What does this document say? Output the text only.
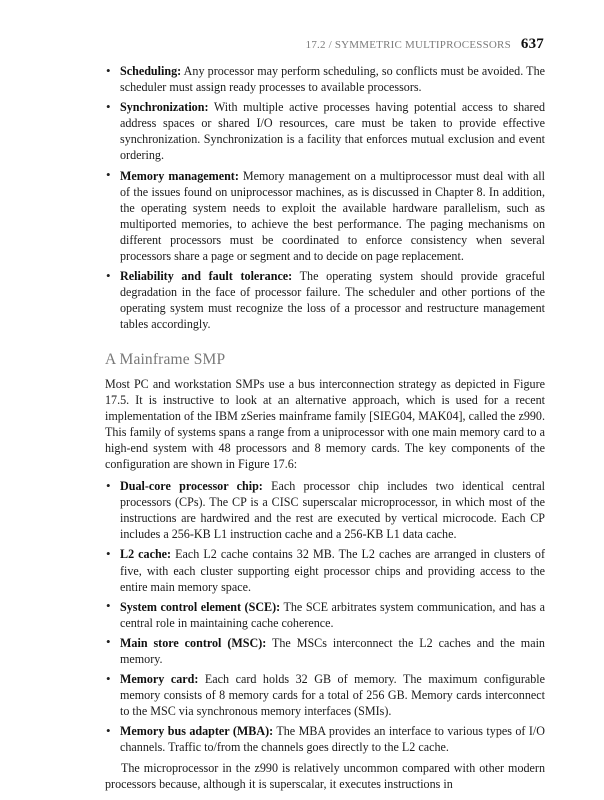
17.2 / SYMMETRIC MULTIPROCESSORS 637
• Scheduling: Any processor may perform scheduling, so conflicts must be avoided. The scheduler must assign ready processes to available processors.
• Synchronization: With multiple active processes having potential access to shared address spaces or shared I/O resources, care must be taken to provide effective synchronization. Synchronization is a facility that enforces mutual exclusion and event ordering.
• Memory management: Memory management on a multiprocessor must deal with all of the issues found on uniprocessor machines, as is discussed in Chapter 8. In addition, the operating system needs to exploit the available hardware parallelism, such as multiported memories, to achieve the best performance. The paging mechanisms on different processors must be coordinated to enforce consistency when several processors share a page or segment and to decide on page replacement.
• Reliability and fault tolerance: The operating system should provide graceful degradation in the face of processor failure. The scheduler and other portions of the operating system must recognize the loss of a processor and restructure management tables accordingly.
A Mainframe SMP

Most PC and workstation SMPs use a bus interconnection strategy as depicted in Figure 17.5. It is instructive to look at an alternative approach, which is used for a recent implementation of the IBM zSeries mainframe family [SIEG04, MAK04], called the z990. This family of systems spans a range from a uniprocessor with one main memory card to a high-end system with 48 processors and 8 memory cards. The key components of the configuration are shown in Figure 17.6:

• Dual-core processor chip: Each processor chip includes two identical central processors (CPs). The CP is a CISC superscalar microprocessor, in which most of the instructions are hardwired and the rest are executed by vertical microcode. Each CP includes a 256-KB L1 instruction cache and a 256-KB L1 data cache.
• L2 cache: Each L2 cache contains 32 MB. The L2 caches are arranged in clusters of five, with each cluster supporting eight processor chips and providing access to the entire main memory space.
• System control element (SCE): The SCE arbitrates system communication, and has a central role in maintaining cache coherence.
• Main store control (MSC): The MSCs interconnect the L2 caches and the main memory.
• Memory card: Each card holds 32 GB of memory. The maximum configurable memory consists of 8 memory cards for a total of 256 GB. Memory cards interconnect to the MSC via synchronous memory interfaces (SMIs).
• Memory bus adapter (MBA): The MBA provides an interface to various types of I/O channels. Traffic to/from the channels goes directly to the L2 cache.

The microprocessor in the z990 is relatively uncommon compared with other modern processors because, although it is superscalar, it executes instructions in
